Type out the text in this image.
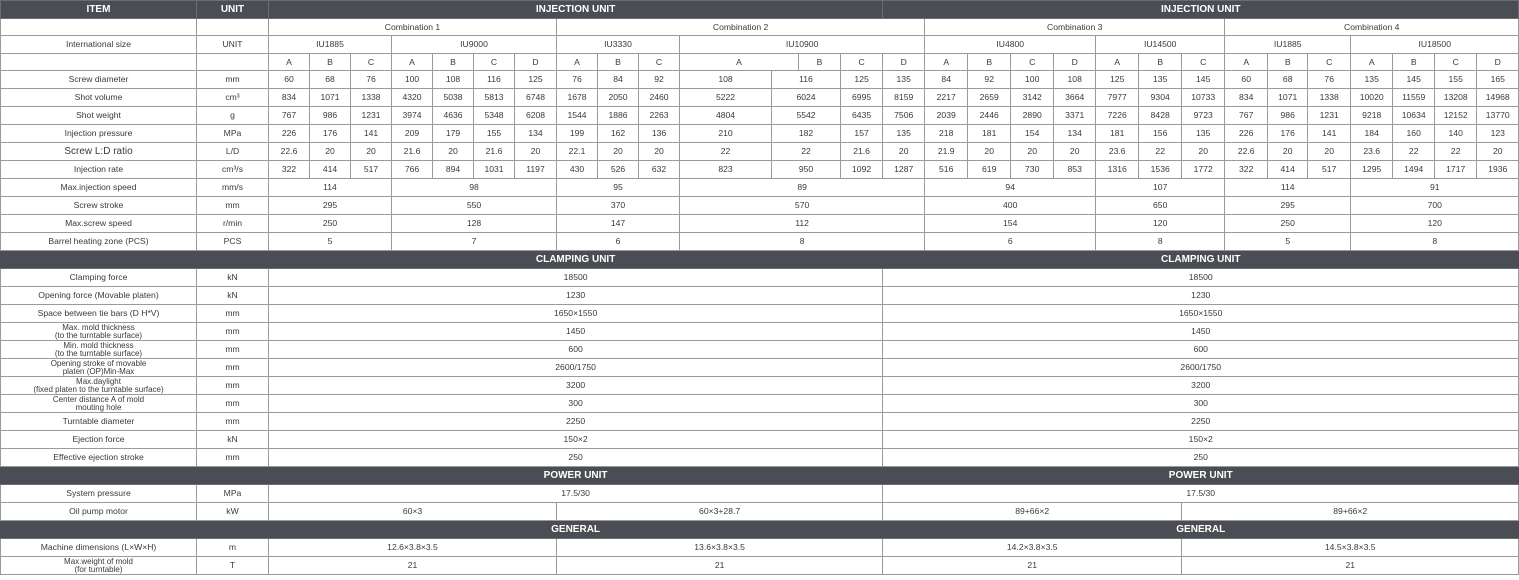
ITEM	UNIT	INJECTION UNIT														INJECTION UNIT														
		Combination 1							Combination 2								Combination 3							Combination 4						
International size	UNIT	IU1885			IU9000				IU3330			IU10900					IU4800				IU14500			IU1885			IU18500			
		A	B	C	A	B	C	D	A	B	C	A		B	C	D	A	B	C	D	A	B	C	A	B	C	A	B	C	D
Screw diameter	mm	60	68	76	100	108	116	125	76	84	92	108	116		125	135	84	92	100	108	125	135	145	60	68	76	135	145	155	165
Shot volume	cm³	834	1071	1338	4320	5038	5813	6748	1678	2050	2460	5222	6024		6995	8159	2217	2659	3142	3664	7977	9304	10733	834	1071	1338	10020	11559	13208	14968
Shot weight	g	767	986	1231	3974	4636	5348	6208	1544	1886	2263	4804	5542		6435	7506	2039	2446	2890	3371	7226	8428	9723	767	986	1231	9218	10634	12152	13770
Injection pressure	MPa	226	176	141	209	179	155	134	199	162	136	210	182		157	135	218	181	154	134	181	156	135	226	176	141	184	160	140	123
Screw L:D ratio	L/D	22.6	20	20	21.6	20	21.6	20	22.1	20	20	22	22		21.6	20	21.9	20	20	20	23.6	22	20	22.6	20	20	23.6	22	22	20
Injection rate	cm³/s	322	414	517	766	894	1031	1197	430	526	632	823	950		1092	1287	516	619	730	853	1316	1536	1772	322	414	517	1295	1494	1717	1936
Max.injection speed	mm/s	114			98				95			89					94				107			114			91			
Screw stroke	mm	295			550				370			570					400				650			295			700			
Max.screw speed	r/min	250			128				147			112					154				120			250			120			
Barrel heating zone (PCS)	PCS	5			7				6			8					6				8			5			8			
		CLAMPING UNIT														CLAMPING UNIT														
Clamping force	kN	18500														18500														
Opening force (Movable platen)	kN	1230														1230														
Space between tie bars (D H*V)	mm	1650×1550														1650×1550														
Max. mold thickness
(to the turntable surface)	mm	1450														1450														
Min. mold thickness
(to the turntable surface)	mm	600														600														
Opening stroke of movable
platen (OP)Min-Max	mm	2600/1750														2600/1750														
Max.daylight
(fixed platen to the turntable surface)	mm	3200														3200														
Center distance A of mold
mouting hole	mm	300														300														
Turntable diameter	mm	2250														2250														
Ejection force	kN	150×2														150×2														
Effective ejection stroke	mm	250														250														
		POWER UNIT														POWER UNIT														
System pressure	MPa	17.5/30														17.5/30														
Oil pump motor	kW	60×3							60×3+28.7							89+66×2							89+66×2							
		GENERAL														GENERAL														
Machine dimensions (L×W×H)	m	12.6×3.8×3.5							13.6×3.8×3.5							14.2×3.8×3.5							14.5×3.8×3.5							
Max.weight of mold
(for turntable)	T	21							21							21							21							
